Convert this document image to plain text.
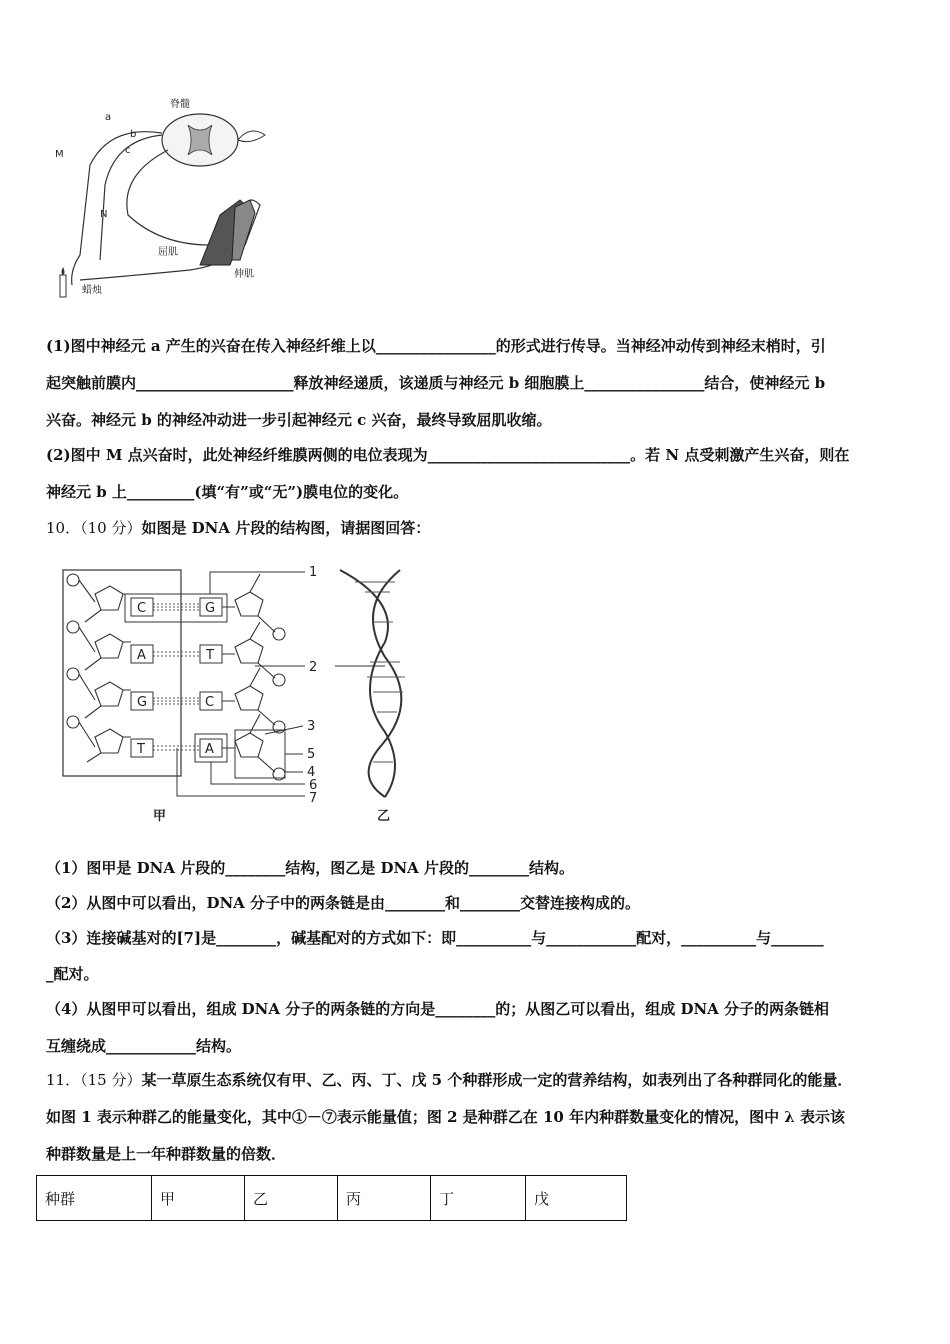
脊髓
a
b
c
M
N
屈肌
伸肌
蜡烛
(1)图中神经元 a 产生的兴奋在传入神经纤维上以________________的形式进行传导。当神经冲动传到神经末梢时，引
起突触前膜内_____________________释放神经递质，该递质与神经元 b 细胞膜上________________结合，使神经元 b
兴奋。神经元 b 的神经冲动进一步引起神经元 c 兴奋，最终导致屈肌收缩。
(2)图中 M 点兴奋时，此处神经纤维膜两侧的电位表现为___________________________。若 N 点受刺激产生兴奋，则在
神经元 b 上_________(填“有”或“无”)膜电位的变化。
10．（10 分）如图是 DNA 片段的结构图，请据图回答：
C
A
G
T
G
T
C
A
1
2
3
5
4
6
7
甲	乙
（1）图甲是 DNA 片段的________结构，图乙是 DNA 片段的________结构。
（2）从图中可以看出，DNA 分子中的两条链是由________和________交替连接构成的。
（3）连接碱基对的[7]是________，碱基配对的方式如下：即__________与____________配对，__________与_______
_配对。
（4）从图甲可以看出，组成 DNA 分子的两条链的方向是________的；从图乙可以看出，组成 DNA 分子的两条链相
互缠绕成____________结构。
11．（15 分）某一草原生态系统仅有甲、乙、丙、丁、戊 5 个种群形成一定的营养结构，如表列出了各种群同化的能量．
如图 1 表示种群乙的能量变化，其中①－⑦表示能量值；图 2 是种群乙在 10 年内种群数量变化的情况，图中 λ 表示该
种群数量是上一年种群数量的倍数．
种群	甲	乙	丙	丁	戊
